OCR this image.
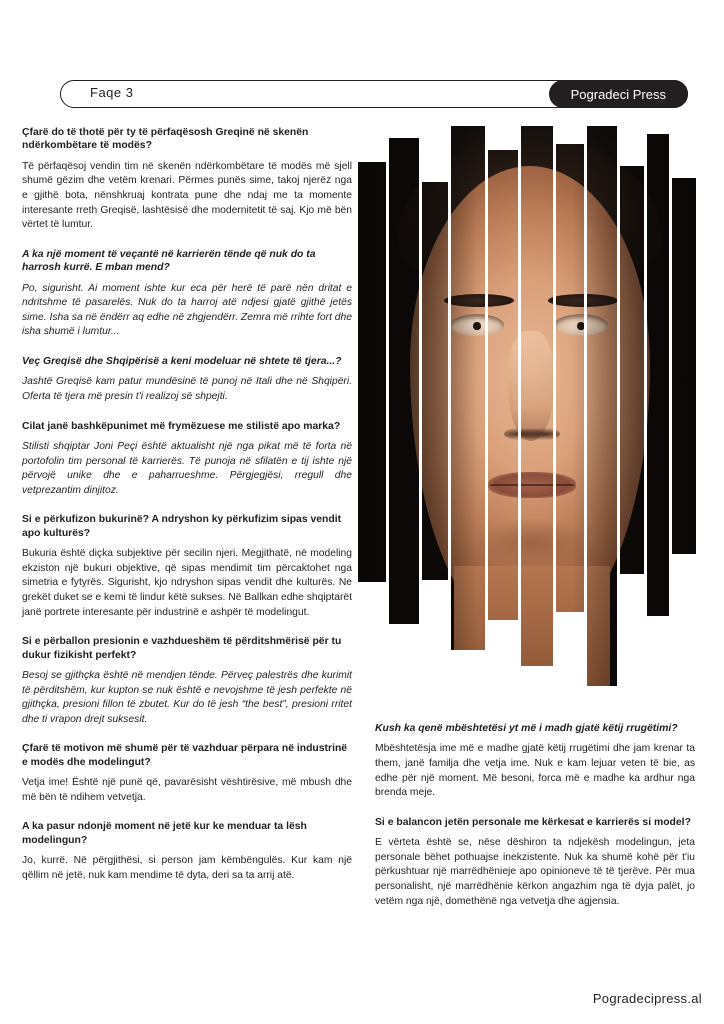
Faqe 3	Pogradeci Press

Çfarë do të thotë për ty të përfaqësosh Greqinë në skenën ndërkombëtare të modës?

Të përfaqësoj vendin tim në skenën ndërkombëtare të modës më sjell shumë gëzim dhe vetëm krenari. Përmes punës sime, takoj njerëz nga e gjithë bota, nënshkruaj kontrata pune dhe ndaj me ta momente interesante rreth Greqisë, lashtësisë dhe modernitetit të saj. Kjo më bën vërtet të lumtur.

A ka një moment të veçantë në karrierën tënde që nuk do ta harrosh kurrë. E mban mend?

Po, sigurisht. Ai moment ishte kur eca për herë të parë nën dritat e ndritshme të pasarelës. Nuk do ta harroj atë ndjesi gjatë gjithë jetës sime. Isha sa në ëndërr aq edhe në zhgjendërr. Zemra më rrihte fort dhe isha shumë i lumtur...

Veç Greqisë dhe Shqipërisë a keni modeluar në shtete të tjera...?

Jashtë Greqisë kam patur mundësinë të punoj në Itali dhe në Shqipëri. Oferta të tjera më presin t'i realizoj së shpejti.

Cilat janë bashkëpunimet më frymëzuese me stilistë apo marka?

Stilisti shqiptar Joni Peçi është aktualisht një nga pikat më të forta në portofolin tim personal të karrierës. Të punoja në sfilatën e tij ishte një përvojë unike dhe e paharrueshme. Përgjegjësi, rregull dhe vetprezantim dinjitoz.

Si e përkufizon bukurinë? A ndryshon ky përkufizim sipas vendit apo kulturës?

Bukuria është diçka subjektive për secilin njeri. Megjithatë, në modeling ekziston një bukuri objektive, që sipas mendimit tim përcaktohet nga simetria e fytyrës. Sigurisht, kjo ndryshon sipas vendit dhe kulturës. Ne grekët duket se e kemi të lindur këtë sukses. Në Ballkan edhe shqiptarët janë portrete interesante për industrinë e ashpër të modelingut.

Si e përballon presionin e vazhdueshëm të përditshmërisë për tu dukur fizikisht perfekt?

Besoj se gjithçka është në mendjen tënde. Përveç palestrës dhe kurimit të përditshëm, kur kupton se nuk është e nevojshme të jesh perfekte në gjithçka, presioni fillon të zbutet. Kur do të jesh “the best”, presioni rritet dhe ti vrapon drejt suksesit.

Çfarë të motivon më shumë për të vazhduar përpara në industrinë e modës dhe modelingut?

Vetja ime! Është një punë që, pavarësisht vështirësive, më mbush dhe më bën të ndihem vetvetja.

A ka pasur ndonjë moment në jetë kur ke menduar ta lësh modelingun?

Jo, kurrë. Në përgjithësi, si person jam këmbëngulës. Kur kam një qëllim në jetë, nuk kam mendime të dyta, deri sa ta arrij atë.

Kush ka qenë mbështetësi yt më i madh gjatë këtij rrugëtimi?

Mbështetësja ime më e madhe gjatë këtij rrugëtimi dhe jam krenar ta them, janë familja dhe vetja ime. Nuk e kam lejuar veten të bie, as edhe për një moment. Më besoni, forca më e madhe ka ardhur nga brenda meje.

Si e balancon jetën personale me kërkesat e karrierës si model?

E vërteta është se, nëse dëshiron ta ndjekësh modelingun, jeta personale bëhet pothuajse inekzistente. Nuk ka shumë kohë për t'iu përkushtuar një marrëdhënieje apo opinioneve të të tjerëve. Për mua personalisht, një marrëdhënie kërkon angazhim nga të dyja palët, jo vetëm nga një, domethënë nga vetvetja dhe agjensia.

Pogradecipress.al
